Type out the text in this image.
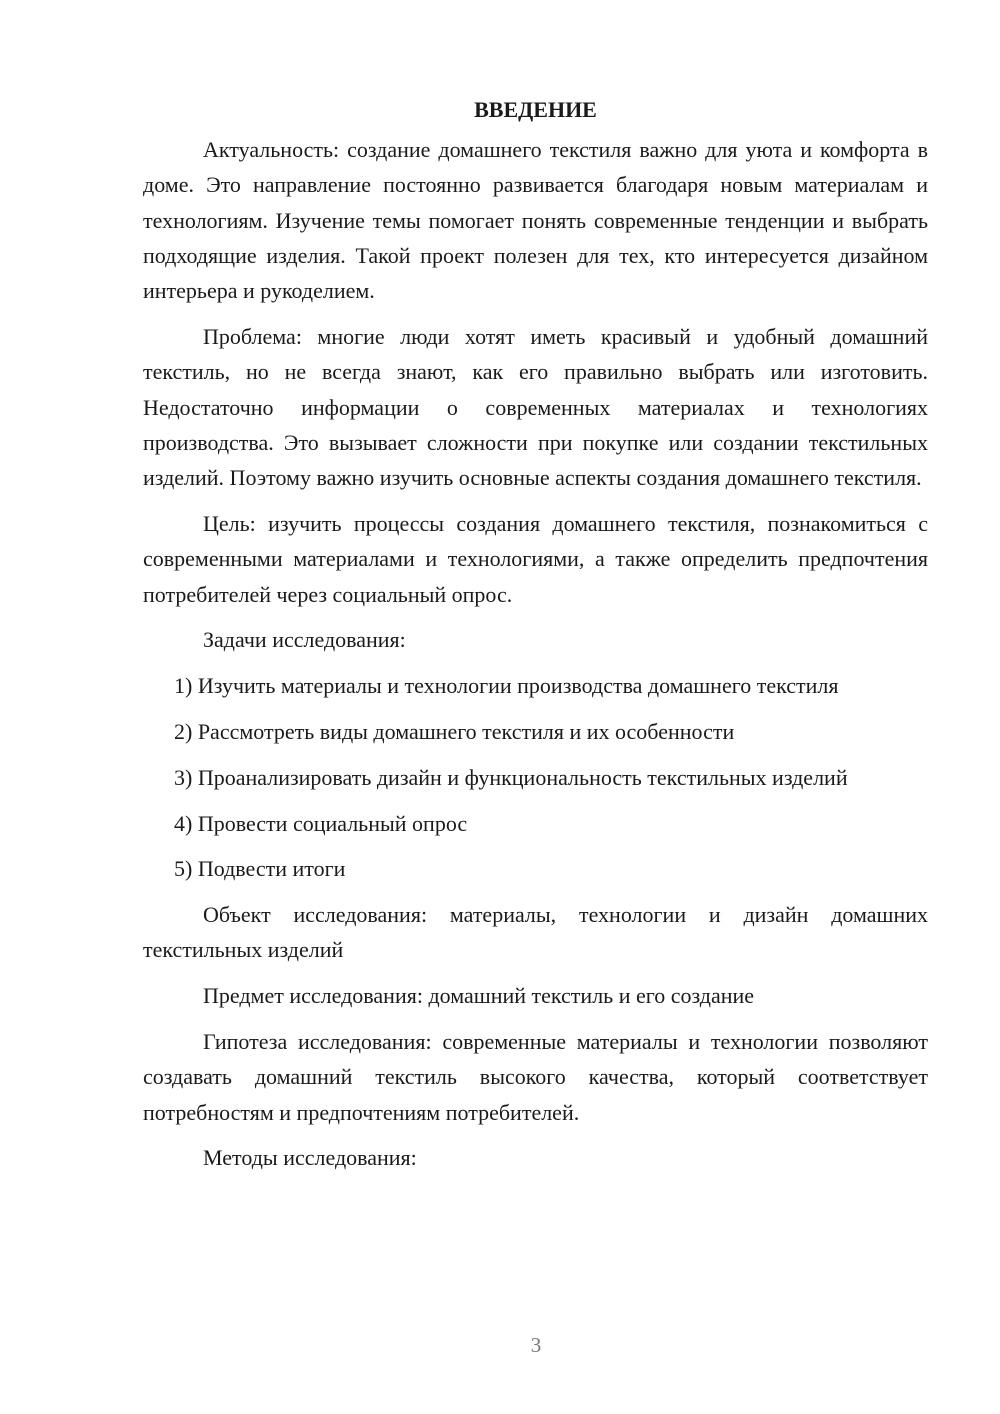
ВВЕДЕНИЕ

Актуальность: создание домашнего текстиля важно для уюта и комфорта в доме. Это направление постоянно развивается благодаря новым материалам и технологиям. Изучение темы помогает понять современные тенденции и выбрать подходящие изделия. Такой проект полезен для тех, кто интересуется дизайном интерьера и рукоделием.

Проблема: многие люди хотят иметь красивый и удобный домашний текстиль, но не всегда знают, как его правильно выбрать или изготовить. Недостаточно информации о современных материалах и технологиях производства. Это вызывает сложности при покупке или создании текстильных изделий. Поэтому важно изучить основные аспекты создания домашнего текстиля.

Цель: изучить процессы создания домашнего текстиля, познакомиться с современными материалами и технологиями, а также определить предпочтения потребителей через социальный опрос.

Задачи исследования:

1) Изучить материалы и технологии производства домашнего текстиля

2) Рассмотреть виды домашнего текстиля и их особенности

3) Проанализировать дизайн и функциональность текстильных изделий

4) Провести социальный опрос

5) Подвести итоги

Объект исследования: материалы, технологии и дизайн домашних текстильных изделий

Предмет исследования: домашний текстиль и его создание

Гипотеза исследования: современные материалы и технологии позволяют создавать домашний текстиль высокого качества, который соответствует потребностям и предпочтениям потребителей.

Методы исследования:

3
